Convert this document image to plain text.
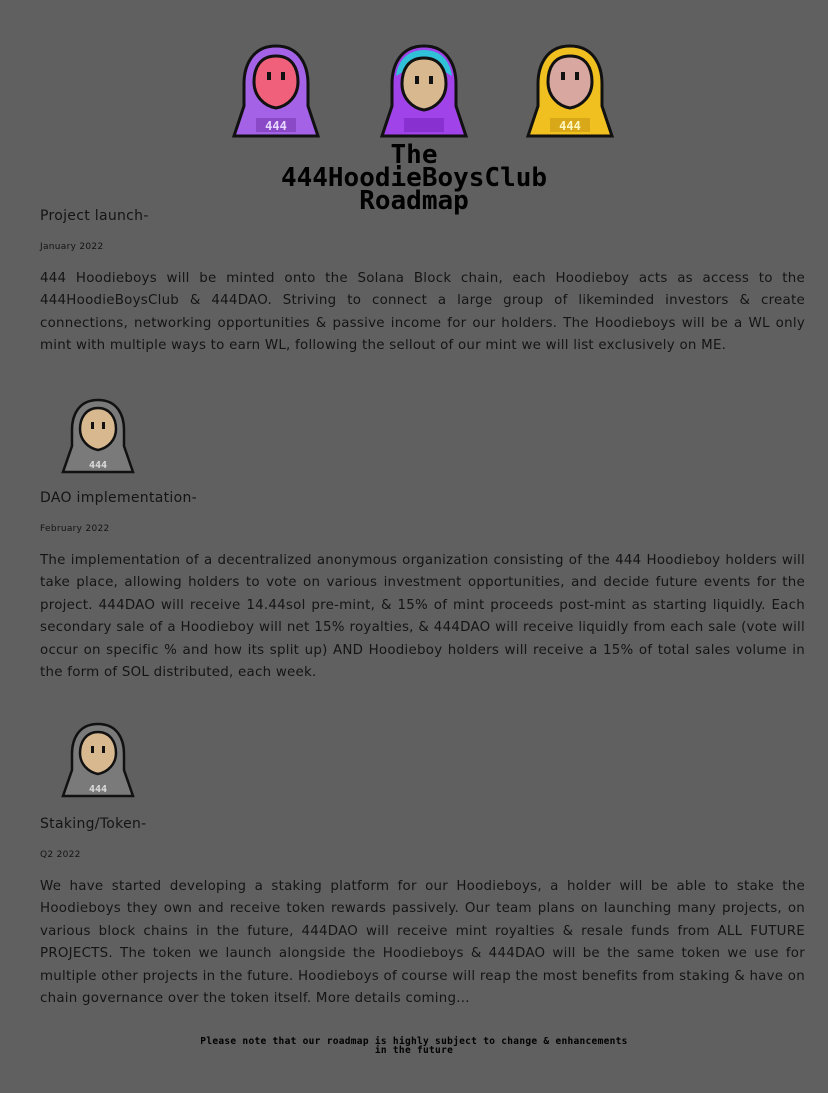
444	444
The
444HoodieBoysClub
Roadmap
Project launch-
January 2022

444 Hoodieboys will be minted onto the Solana Block chain, each Hoodieboy acts as access to the 444HoodieBoysClub & 444DAO. Striving to connect a large group of likeminded investors & create connections, networking opportunities & passive income for our holders. The Hoodieboys will be a WL only mint with multiple ways to earn WL, following the sellout of our mint we will list exclusively on ME.

444
DAO implementation-
February 2022

The implementation of a decentralized anonymous organization consisting of the 444 Hoodieboy holders will take place, allowing holders to vote on various investment opportunities, and decide future events for the project. 444DAO will receive 14.44sol pre-mint, & 15% of mint proceeds post-mint as starting liquidly. Each secondary sale of a Hoodieboy will net 15% royalties, & 444DAO will receive liquidly from each sale (vote will occur on specific % and how its split up) AND Hoodieboy holders will receive a 15% of total sales volume in the form of SOL distributed, each week.

444
Staking/Token-
Q2 2022

We have started developing a staking platform for our Hoodieboys, a holder will be able to stake the Hoodieboys they own and receive token rewards passively. Our team plans on launching many projects, on various block chains in the future, 444DAO will receive mint royalties & resale funds from ALL FUTURE PROJECTS. The token we launch alongside the Hoodieboys & 444DAO will be the same token we use for multiple other projects in the future. Hoodieboys of course will reap the most benefits from staking & have on chain governance over the token itself. More details coming...

Please note that our roadmap is highly subject to change & enhancements
in the future
